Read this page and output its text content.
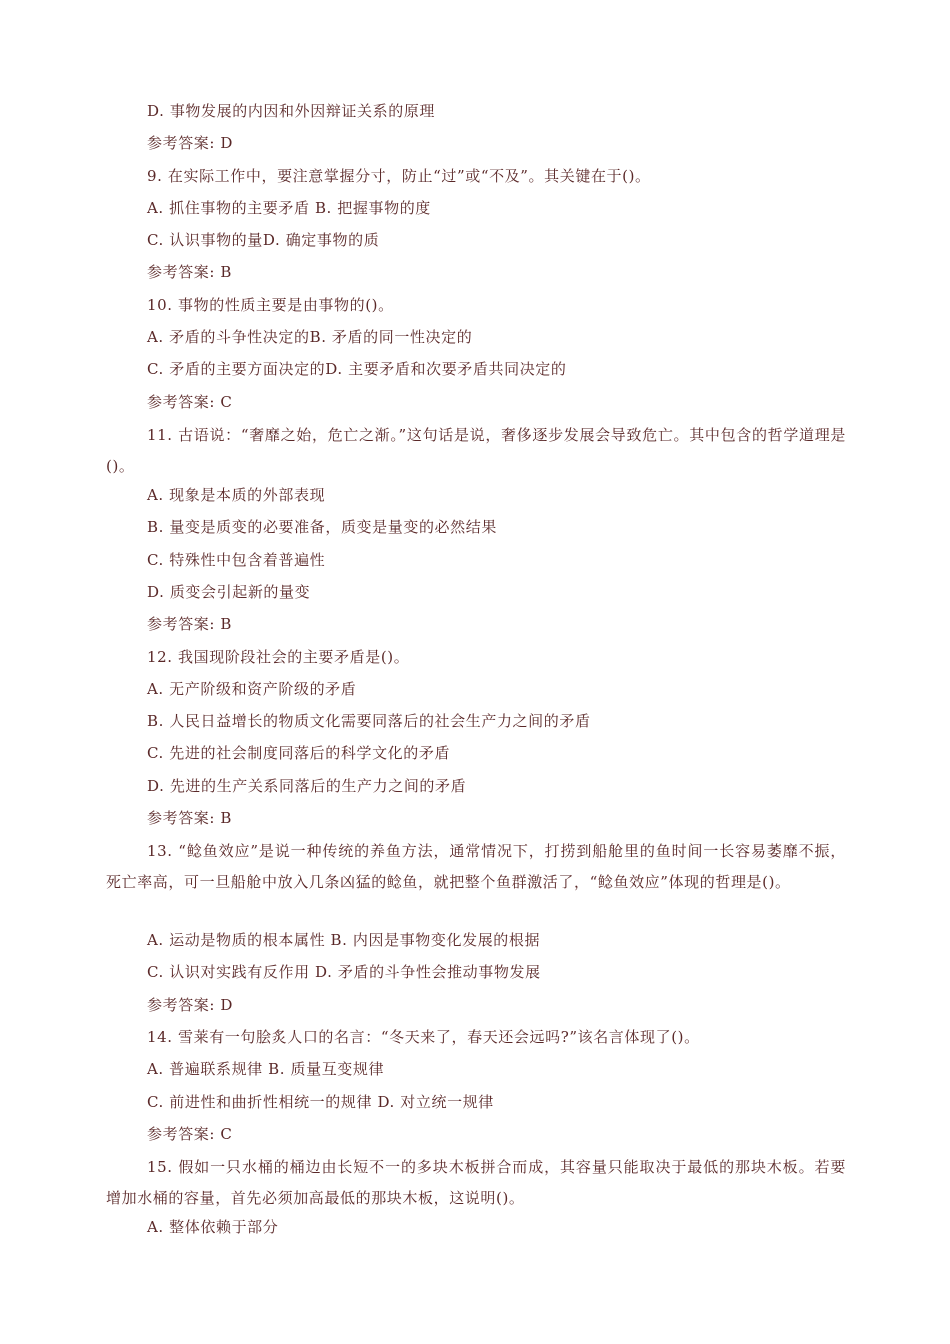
D. 事物发展的内因和外因辩证关系的原理
参考答案: D
9. 在实际工作中，要注意掌握分寸，防止“过”或“不及”。其关键在于()。
A. 抓住事物的主要矛盾 B. 把握事物的度
C. 认识事物的量D. 确定事物的质
参考答案: B
10. 事物的性质主要是由事物的()。
A. 矛盾的斗争性决定的B. 矛盾的同一性决定的
C. 矛盾的主要方面决定的D. 主要矛盾和次要矛盾共同决定的
参考答案: C
11. 古语说：“奢靡之始，危亡之渐。”这句话是说，奢侈逐步发展会导致危亡。其中包含的哲学道理是()。
A. 现象是本质的外部表现
B. 量变是质变的必要准备，质变是量变的必然结果
C. 特殊性中包含着普遍性
D. 质变会引起新的量变
参考答案: B
12. 我国现阶段社会的主要矛盾是()。
A. 无产阶级和资产阶级的矛盾
B. 人民日益增长的物质文化需要同落后的社会生产力之间的矛盾
C. 先进的社会制度同落后的科学文化的矛盾
D. 先进的生产关系同落后的生产力之间的矛盾
参考答案: B
13. “鲶鱼效应”是说一种传统的养鱼方法，通常情况下，打捞到船舱里的鱼时间一长容易萎靡不振，死亡率高，可一旦船舱中放入几条凶猛的鲶鱼，就把整个鱼群激活了，“鲶鱼效应”体现的哲理是()。
A. 运动是物质的根本属性 B. 内因是事物变化发展的根据
C. 认识对实践有反作用 D. 矛盾的斗争性会推动事物发展
参考答案: D
14. 雪莱有一句脍炙人口的名言：“冬天来了，春天还会远吗?”该名言体现了()。
A. 普遍联系规律 B. 质量互变规律
C. 前进性和曲折性相统一的规律 D. 对立统一规律
参考答案: C
15. 假如一只水桶的桶边由长短不一的多块木板拼合而成，其容量只能取决于最低的那块木板。若要增加水桶的容量，首先必须加高最低的那块木板，这说明()。
A. 整体依赖于部分
